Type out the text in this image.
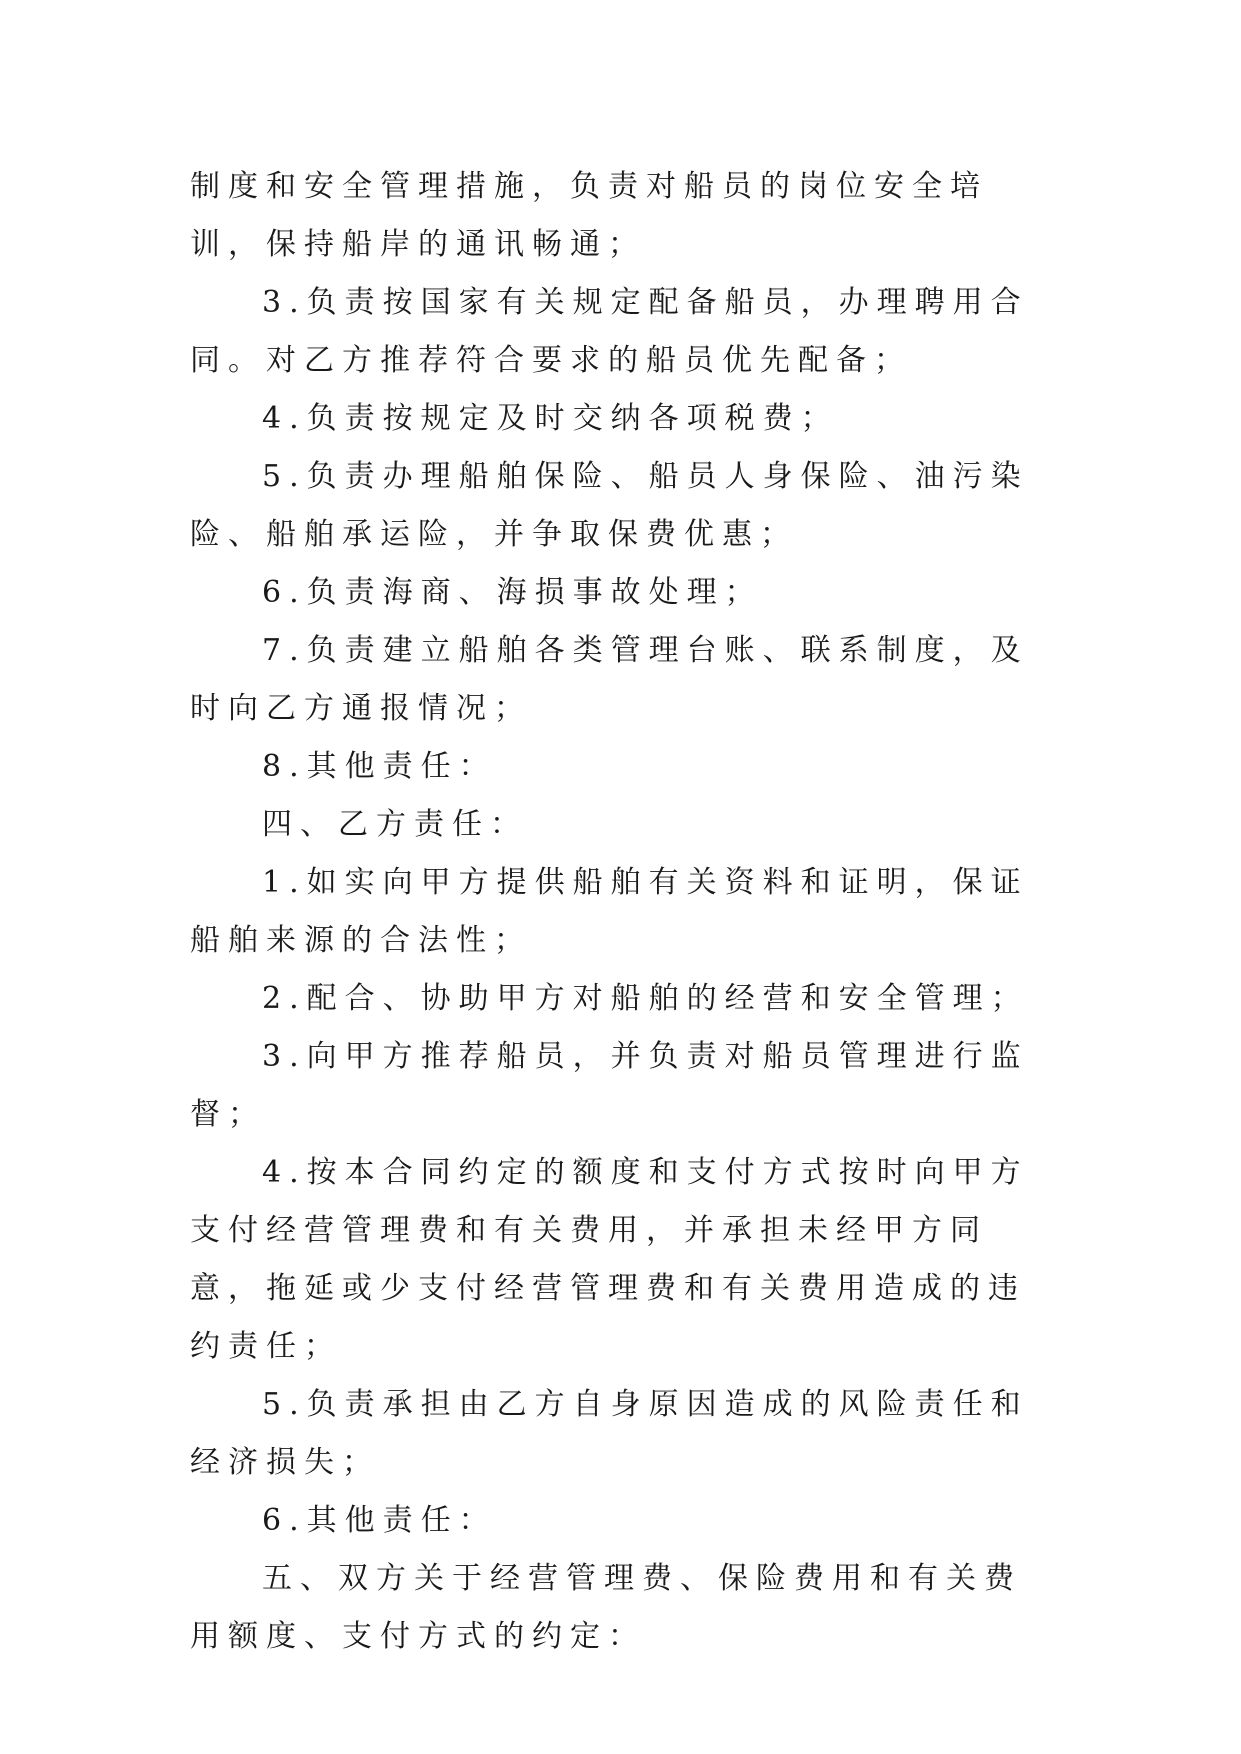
制度和安全管理措施，负责对船员的岗位安全培训，保持船岸的通讯畅通；

3.负责按国家有关规定配备船员，办理聘用合同。对乙方推荐符合要求的船员优先配备；

4.负责按规定及时交纳各项税费；

5.负责办理船舶保险、船员人身保险、油污染险、船舶承运险，并争取保费优惠；

6.负责海商、海损事故处理；

7.负责建立船舶各类管理台账、联系制度，及时向乙方通报情况；

8.其他责任：

四、乙方责任：

1.如实向甲方提供船舶有关资料和证明，保证船舶来源的合法性；

2.配合、协助甲方对船舶的经营和安全管理；

3.向甲方推荐船员，并负责对船员管理进行监督；

4.按本合同约定的额度和支付方式按时向甲方支付经营管理费和有关费用，并承担未经甲方同意，拖延或少支付经营管理费和有关费用造成的违约责任；

5.负责承担由乙方自身原因造成的风险责任和经济损失；

6.其他责任：

五、双方关于经营管理费、保险费用和有关费用额度、支付方式的约定：
